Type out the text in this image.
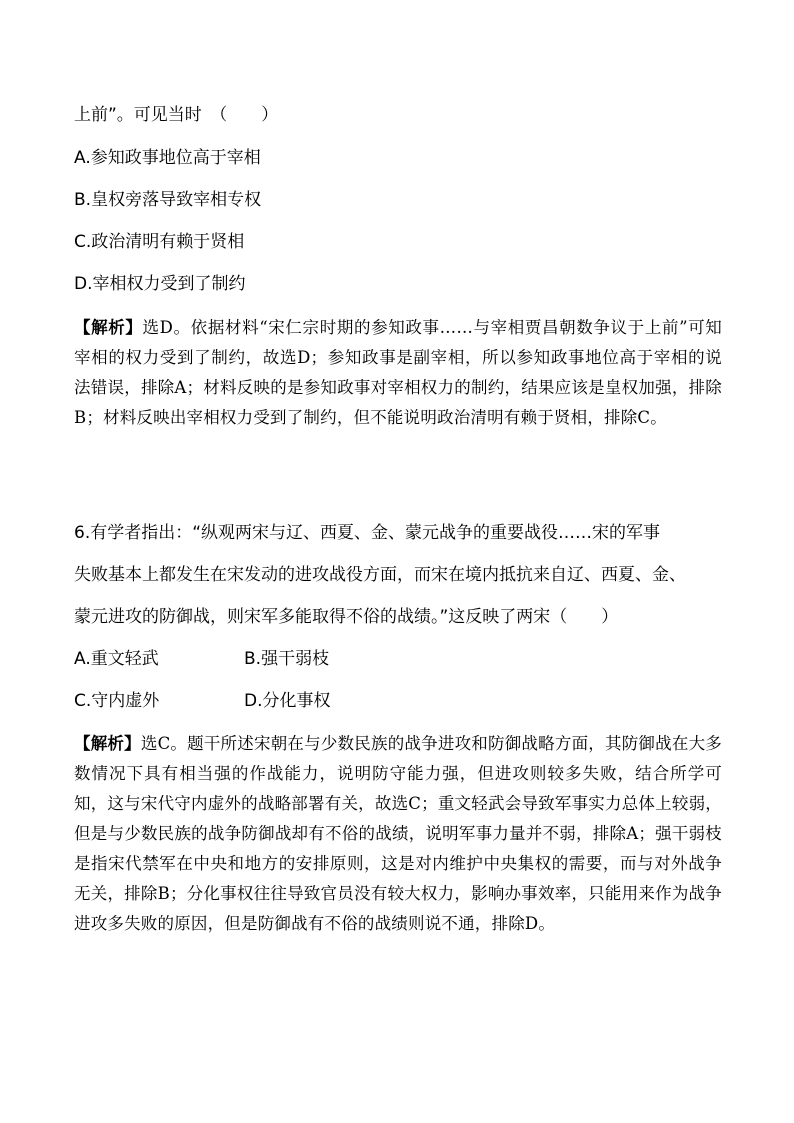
上前”。可见当时　（　　）
A.参知政事地位高于宰相
B.皇权旁落导致宰相专权
C.政治清明有赖于贤相
D.宰相权力受到了制约
【解析】选D。依据材料“宋仁宗时期的参知政事……与宰相贾昌朝数争议于上前”可知宰相的权力受到了制约，故选D；参知政事是副宰相，所以参知政事地位高于宰相的说法错误，排除A；材料反映的是参知政事对宰相权力的制约，结果应该是皇权加强，排除B；材料反映出宰相权力受到了制约，但不能说明政治清明有赖于贤相，排除C。
6.有学者指出：“纵观两宋与辽、西夏、金、蒙元战争的重要战役……宋的军事
失败基本上都发生在宋发动的进攻战役方面，而宋在境内抵抗来自辽、西夏、金、
蒙元进攻的防御战，则宋军多能取得不俗的战绩。”这反映了两宋（　　）
A.重文轻武	B.强干弱枝
C.守内虚外	D.分化事权
【解析】选C。题干所述宋朝在与少数民族的战争进攻和防御战略方面，其防御战在大多数情况下具有相当强的作战能力，说明防守能力强，但进攻则较多失败，结合所学可知，这与宋代守内虚外的战略部署有关，故选C；重文轻武会导致军事实力总体上较弱，但是与少数民族的战争防御战却有不俗的战绩，说明军事力量并不弱，排除A；强干弱枝是指宋代禁军在中央和地方的安排原则，这是对内维护中央集权的需要，而与对外战争无关，排除B；分化事权往往导致官员没有较大权力，影响办事效率，只能用来作为战争进攻多失败的原因，但是防御战有不俗的战绩则说不通，排除D。
